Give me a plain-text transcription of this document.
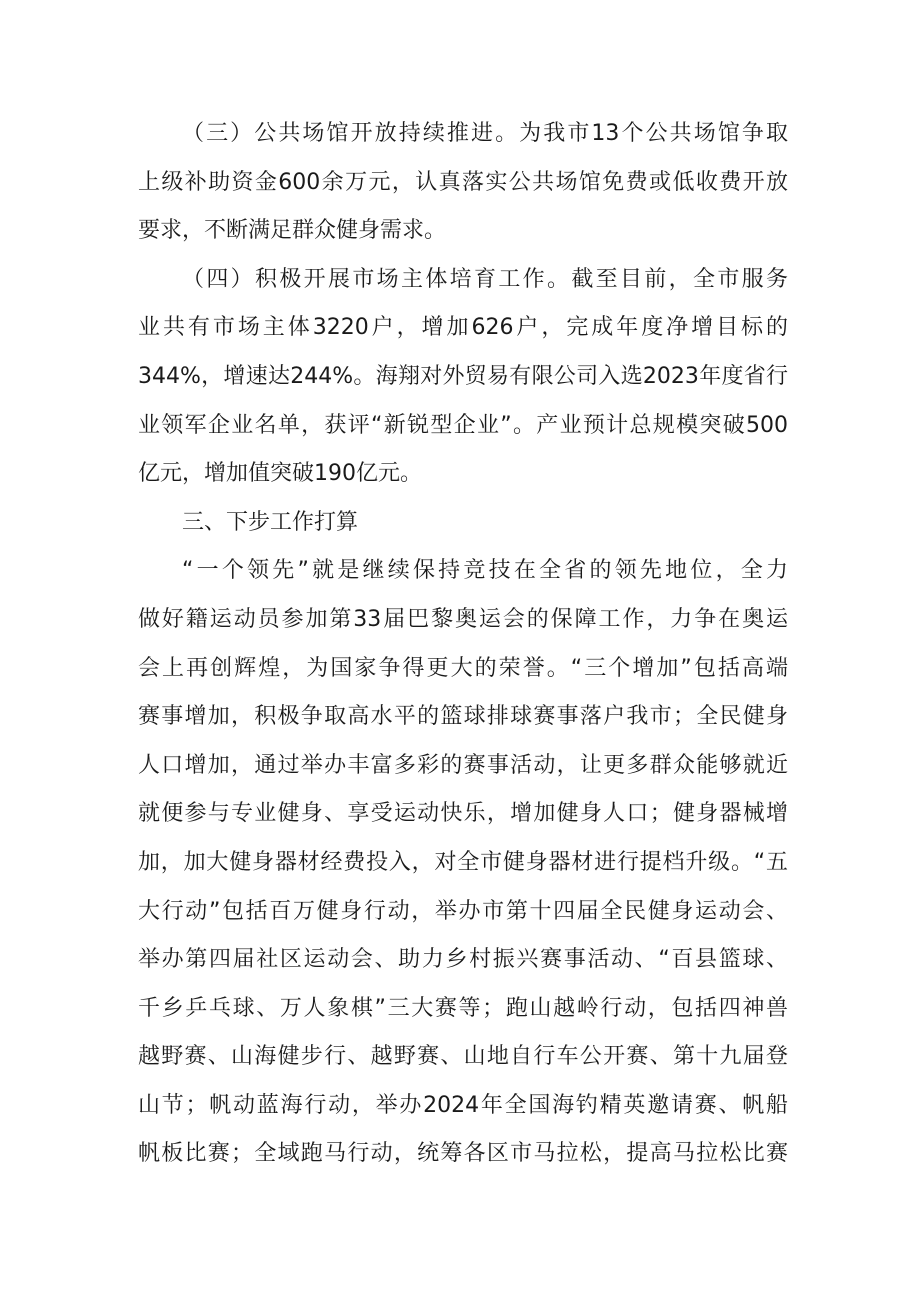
（三）公共场馆开放持续推进。为我市13个公共场馆争取
上级补助资金600余万元，认真落实公共场馆免费或低收费开放
要求，不断满足群众健身需求。
（四）积极开展市场主体培育工作。截至目前，全市服务
业共有市场主体3220户，增加626户，完成年度净增目标的
344%，增速达244%。海翔对外贸易有限公司入选2023年度省行
业领军企业名单，获评“新锐型企业”。产业预计总规模突破500
亿元，增加值突破190亿元。
三、下步工作打算
“一个领先”就是继续保持竞技在全省的领先地位，全力
做好籍运动员参加第33届巴黎奥运会的保障工作，力争在奥运
会上再创辉煌，为国家争得更大的荣誉。“三个增加”包括高端
赛事增加，积极争取高水平的篮球排球赛事落户我市；全民健身
人口增加，通过举办丰富多彩的赛事活动，让更多群众能够就近
就便参与专业健身、享受运动快乐，增加健身人口；健身器械增
加，加大健身器材经费投入，对全市健身器材进行提档升级。“五
大行动”包括百万健身行动，举办市第十四届全民健身运动会、
举办第四届社区运动会、助力乡村振兴赛事活动、“百县篮球、
千乡乒乓球、万人象棋”三大赛等；跑山越岭行动，包括四神兽
越野赛、山海健步行、越野赛、山地自行车公开赛、第十九届登
山节；帆动蓝海行动，举办2024年全国海钓精英邀请赛、帆船
帆板比赛；全域跑马行动，统筹各区市马拉松，提高马拉松比赛
